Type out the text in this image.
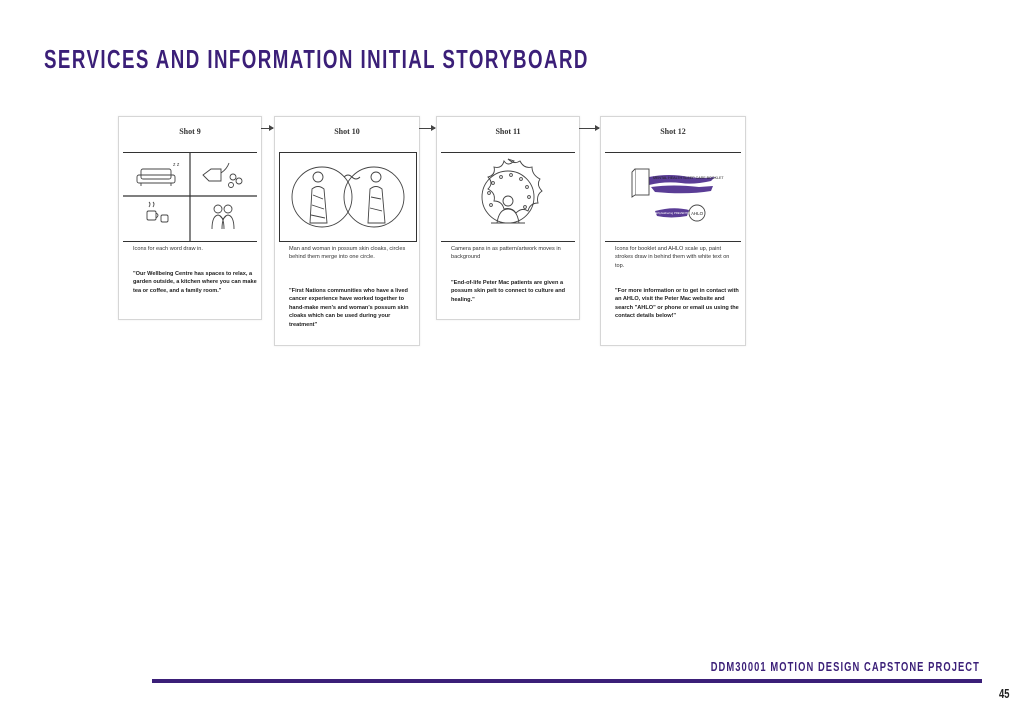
SERVICES AND INFORMATION INITIAL STORYBOARD
Shot 9
z z
Icons for each word draw in.
"Our Wellbeing Centre has spaces to relax, a garden outside, a kitchen where you can make tea or coffee, and a family room."
Shot 10
Man and woman in possum skin cloaks, circles behind them merge into one circle.
"First Nations communities who have a lived cancer experience have worked together to hand-make men's and woman's possum skin cloaks which can be used during your treatment"
Shot 11
Camera pans in as pattern/artwork moves in background
"End-of-life Peter Mac patients are given a possum skin pelt to connect to culture and healing."
Shot 12
MENTAL HEALTH SLEEP CARE BOOKLET
AHLO
#HealthyGathering PREVENTION
Icons for booklet and AHLO scale up, paint strokes draw in behind them with white text on top.
"For more information or to get in contact with an AHLO, visit the Peter Mac website and search "AHLO" or phone or email us using the contact details below!"
DDM30001 MOTION DESIGN CAPSTONE PROJECT
45
